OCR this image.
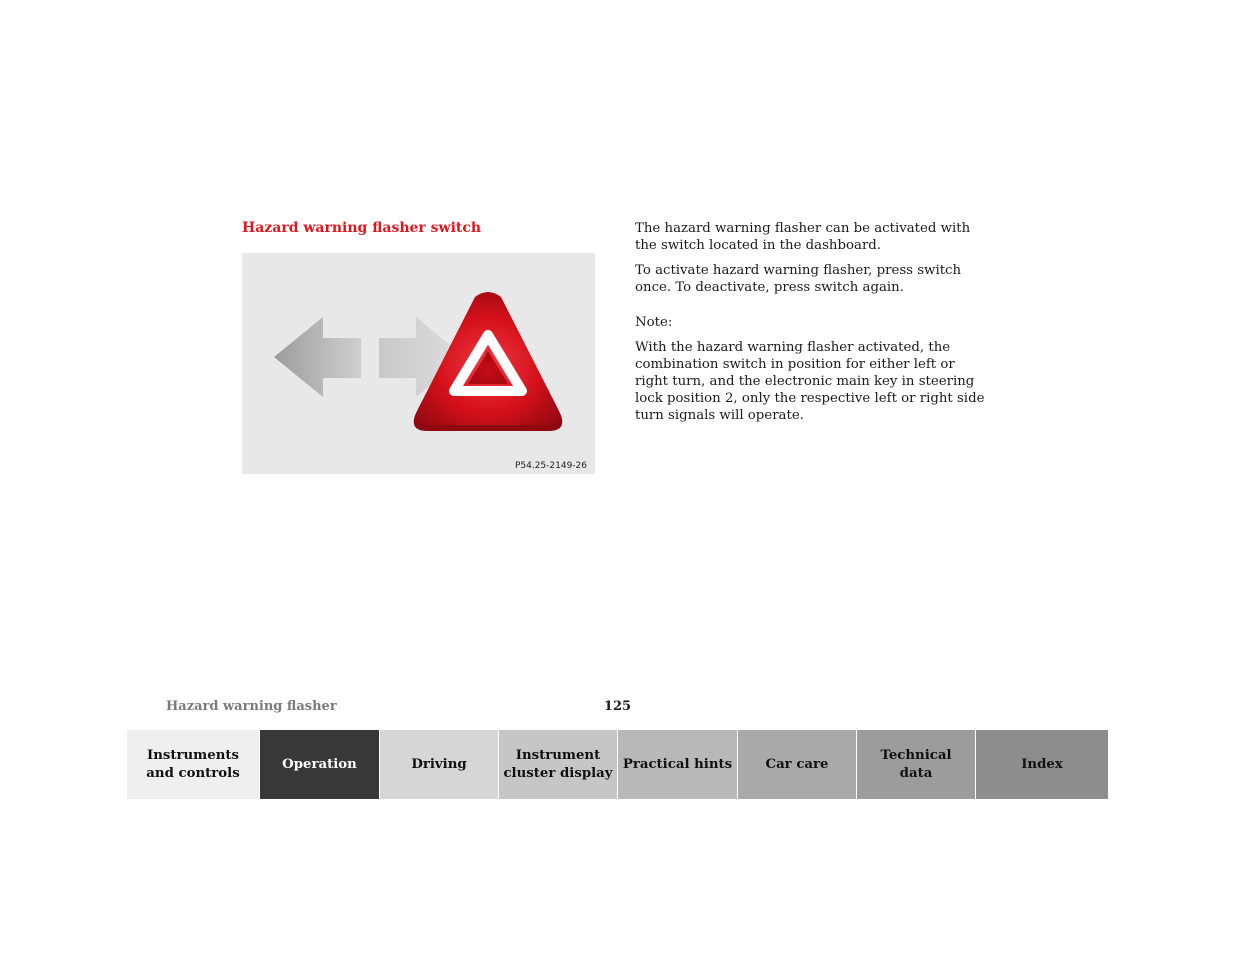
Hazard warning flasher switch
P54.25-2149-26

The hazard warning flasher can be activated with the switch located in the dashboard.

To activate hazard warning flasher, press switch once. To deactivate, press switch again.

Note:

With the hazard warning flasher activated, the combination switch in position for either left or right turn, and the electronic main key in steering lock position 2, only the respective left or right side turn signals will operate.

Hazard warning flasher	125
Instruments
and controls
Operation	Driving
Instrument
cluster display
Practical hints	Car care
Technical
data
Index
